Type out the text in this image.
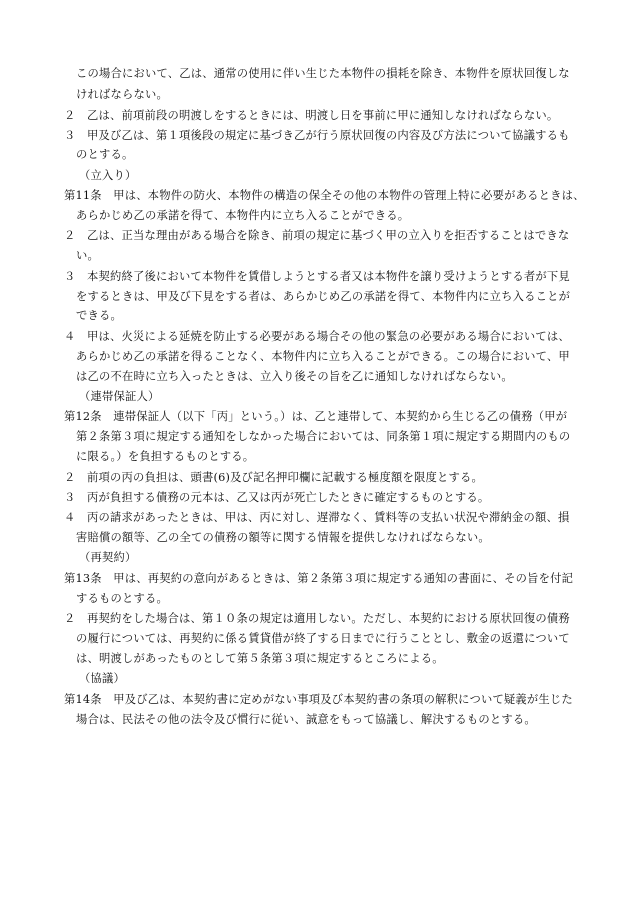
この場合において、乙は、通常の使用に伴い生じた本物件の損耗を除き、本物件を原状回復しな

ければならない。

２　乙は、前項前段の明渡しをするときには、明渡し日を事前に甲に通知しなければならない。

３　甲及び乙は、第１項後段の規定に基づき乙が行う原状回復の内容及び方法について協議するも

のとする。

（立入り）

第11条　甲は、本物件の防火、本物件の構造の保全その他の本物件の管理上特に必要があるときは、

あらかじめ乙の承諾を得て、本物件内に立ち入ることができる。

２　乙は、正当な理由がある場合を除き、前項の規定に基づく甲の立入りを拒否することはできな

い。

３　本契約終了後において本物件を賃借しようとする者又は本物件を譲り受けようとする者が下見

をするときは、甲及び下見をする者は、あらかじめ乙の承諾を得て、本物件内に立ち入ることが

できる。

４　甲は、火災による延焼を防止する必要がある場合その他の緊急の必要がある場合においては、

あらかじめ乙の承諾を得ることなく、本物件内に立ち入ることができる。この場合において、甲

は乙の不在時に立ち入ったときは、立入り後その旨を乙に通知しなければならない。

（連帯保証人）

第12条　連帯保証人（以下「丙」という。）は、乙と連帯して、本契約から生じる乙の債務（甲が

第２条第３項に規定する通知をしなかった場合においては、同条第１項に規定する期間内のもの

に限る。）を負担するものとする。

２　前項の丙の負担は、頭書(6)及び記名押印欄に記載する極度額を限度とする。

３　丙が負担する債務の元本は、乙又は丙が死亡したときに確定するものとする。

４　丙の請求があったときは、甲は、丙に対し、遅滞なく、賃料等の支払い状況や滞納金の額、損

害賠償の額等、乙の全ての債務の額等に関する情報を提供しなければならない。

（再契約）

第13条　甲は、再契約の意向があるときは、第２条第３項に規定する通知の書面に、その旨を付記

するものとする。

２　再契約をした場合は、第１０条の規定は適用しない。ただし、本契約における原状回復の債務

の履行については、再契約に係る賃貸借が終了する日までに行うこととし、敷金の返還について

は、明渡しがあったものとして第５条第３項に規定するところによる。

（協議）

第14条　甲及び乙は、本契約書に定めがない事項及び本契約書の条項の解釈について疑義が生じた

場合は、民法その他の法令及び慣行に従い、誠意をもって協議し、解決するものとする。
